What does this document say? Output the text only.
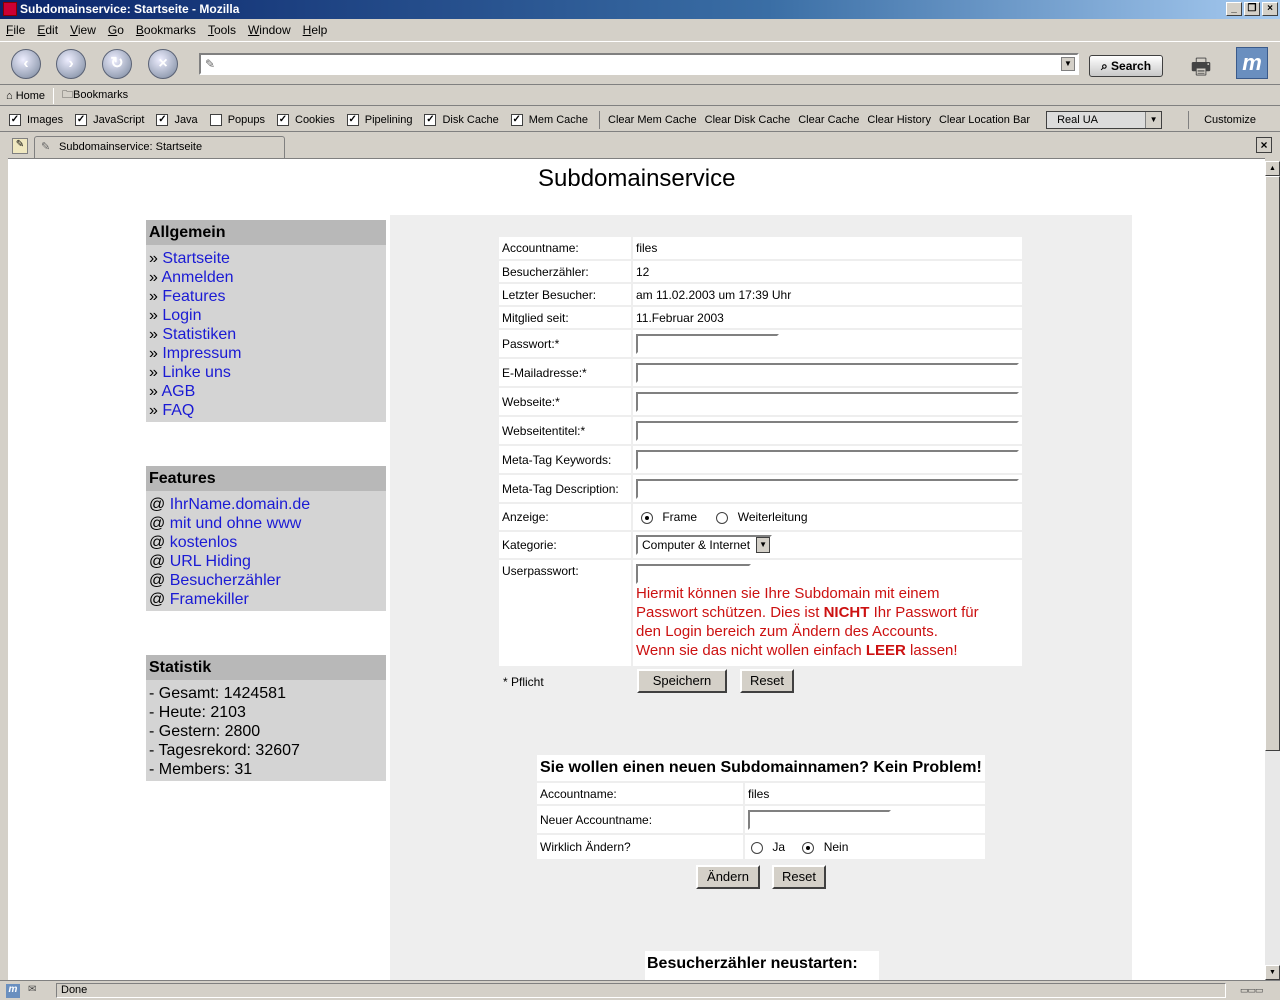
Subdomainservice: Startseite - Mozilla	_	❐	×
File Edit View Go Bookmarks Tools Window Help
‹	›	↻	×	✎	▼	⌕ Search	🖶 m
⌂ Home 🗀Bookmarks
✓ Images ✓ JavaScript ✓ Java	Popups ✓ Cookies ✓ Pipelining ✓ Disk Cache ✓ Mem Cache Clear Mem Cache Clear Disk Cache Clear Cache Clear History Clear Location Bar	Real UA	▼	Customize
✎	✎ Subdomainservice: Startseite	×
Subdomainservice
Allgemein
» Startseite
» Anmelden
» Features
» Login
» Statistiken
» Impressum
» Linke uns
» AGB
» FAQ
Features
@ IhrName.domain.de
@ mit und ohne www
@ kostenlos
@ URL Hiding
@ Besucherzähler
@ Framekiller
Statistik
- Gesamt: 1424581
- Heute: 2103
- Gestern: 2800
- Tagesrekord: 32607
- Members: 31
Accountname:	files
Besucherzähler:	12
Letzter Besucher:	am 11.02.2003 um 17:39 Uhr
Mitglied seit:	11.Februar 2003
Passwort:*	
E-Mailadresse:*	
Webseite:*	
Webseitentitel:*	
Meta-Tag Keywords:	
Meta-Tag Description:	
Anzeige:	Frame Weiterleitung
Kategorie:	Computer & Internet ▼

Userpasswort:	Hiermit können sie Ihre Subdomain mit einem
Passwort schützen. Dies ist NICHT Ihr Passwort für
den Login bereich zum Ändern des Accounts.
Wenn sie das nicht wollen einfach LEER lassen!
* Pflicht	Speichern	Reset
Sie wollen einen neuen Subdomainnamen? Kein Problem!	
Accountname:	files
Neuer Accountname:	
Wirklich Ändern?	Ja Nein
Ändern	Reset
Besucherzähler neustarten:
▲
▼
m ✉	Done	▭▭▭
